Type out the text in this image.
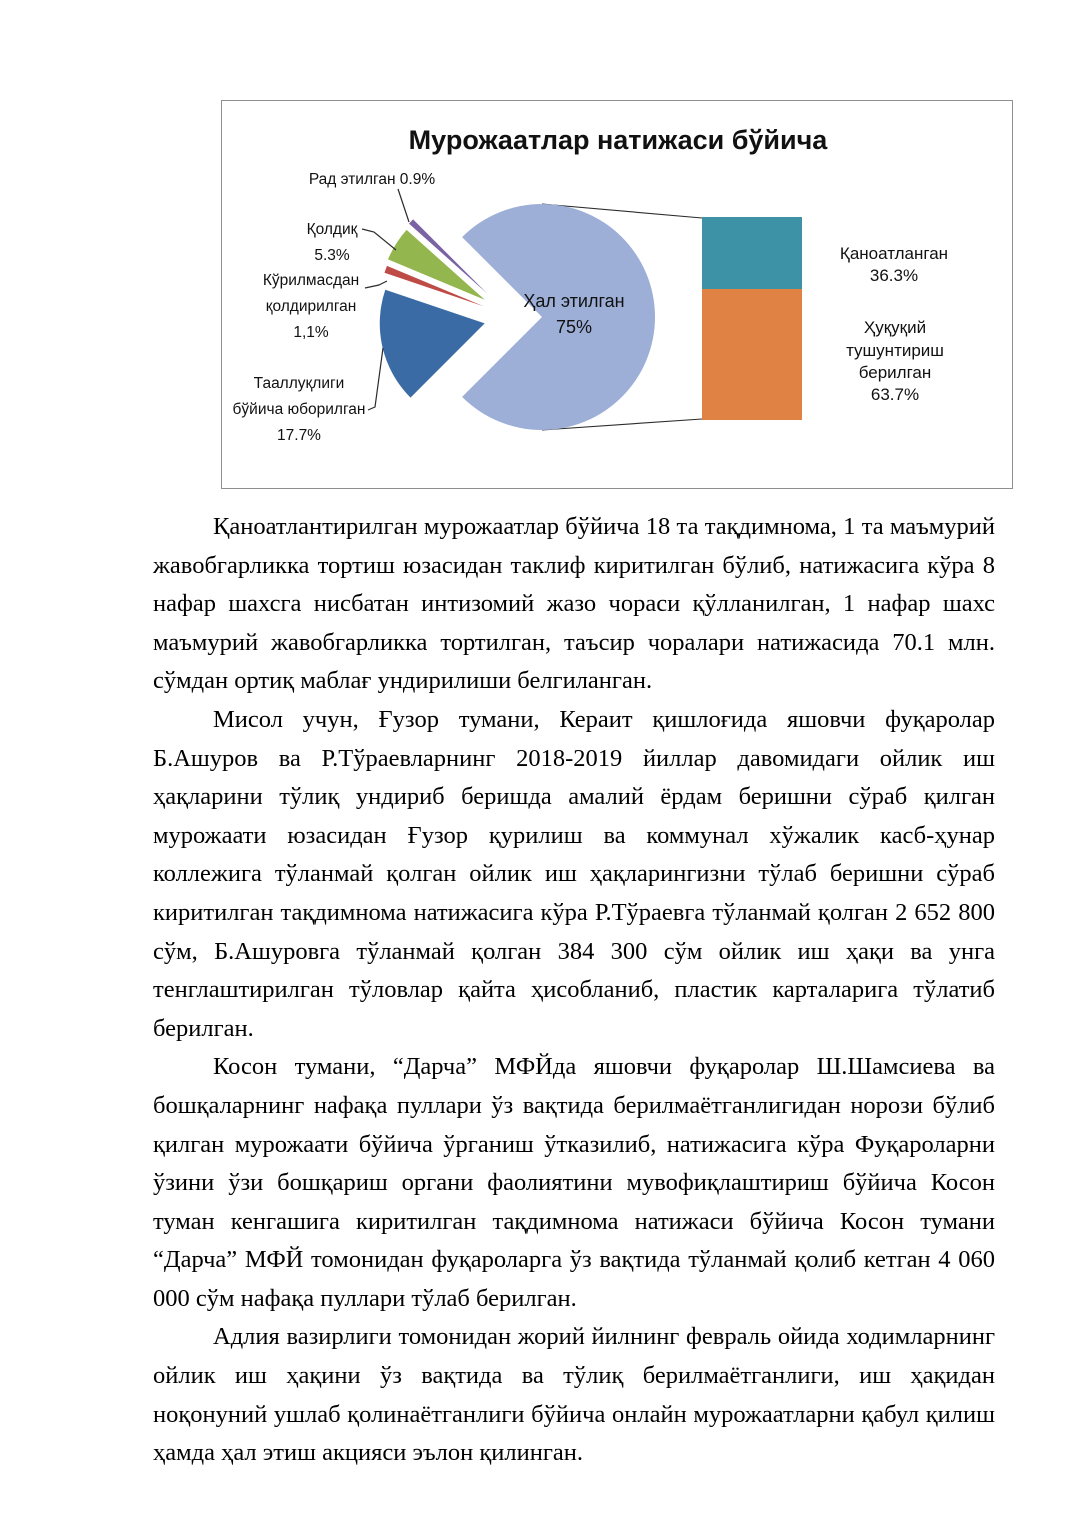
Мурожаатлар натижаси бўйича
Рад этилган 0.9%
Қолдиқ
5.3%
Кўрилмасдан
қолдирилган
1,1%
Тааллуқлиги
бўйича юборилган
17.7%
Ҳал этилган
75%
Қаноатланган
36.3%
Ҳуқуқий
тушунтириш
берилган
63.7%

Қаноатлантирилган мурожаатлар бўйича 18 та тақдимнома, 1 та маъмурий жавобгарликка тортиш юзасидан таклиф киритилган бўлиб, натижасига кўра 8 нафар шахсга нисбатан интизомий жазо чораси қўлланилган, 1 нафар шахс маъмурий жавобгарликка тортилган, таъсир чоралари натижасида 70.1 млн. сўмдан ортиқ маблағ ундирилиши белгиланган.

Мисол учун, Ғузор тумани, Кераит қишлоғида яшовчи фуқаролар Б.Ашуров ва Р.Тўраевларнинг 2018-2019 йиллар давомидаги ойлик иш ҳақларини тўлиқ ундириб беришда амалий ёрдам беришни сўраб қилган мурожаати юзасидан Ғузор қурилиш ва коммунал хўжалик касб-ҳунар коллежига тўланмай қолган ойлик иш ҳақларингизни тўлаб беришни сўраб киритилган тақдимнома натижасига кўра Р.Тўраевга тўланмай қолган 2 652 800 сўм, Б.Ашуровга тўланмай қолган 384 300 сўм ойлик иш ҳақи ва унга тенглаштирилган тўловлар қайта ҳисобланиб, пластик карталарига тўлатиб берилган.

Косон тумани, “Дарча” МФЙда яшовчи фуқаролар Ш.Шамсиева ва бошқаларнинг нафақа пуллари ўз вақтида берилмаётганлигидан норози бўлиб қилган мурожаати бўйича ўрганиш ўтказилиб, натижасига кўра Фуқароларни ўзини ўзи бошқариш органи фаолиятини мувофиқлаштириш бўйича Косон туман кенгашига киритилган тақдимнома натижаси бўйича Косон тумани “Дарча” МФЙ томонидан фуқароларга ўз вақтида тўланмай қолиб кетган 4 060 000 сўм нафақа пуллари тўлаб берилган.

Адлия вазирлиги томонидан жорий йилнинг февраль ойида ходимларнинг ойлик иш ҳақини ўз вақтида ва тўлиқ берилмаётганлиги, иш ҳақидан ноқонуний ушлаб қолинаётганлиги бўйича онлайн мурожаатларни қабул қилиш ҳамда ҳал этиш акцияси эълон қилинган.
